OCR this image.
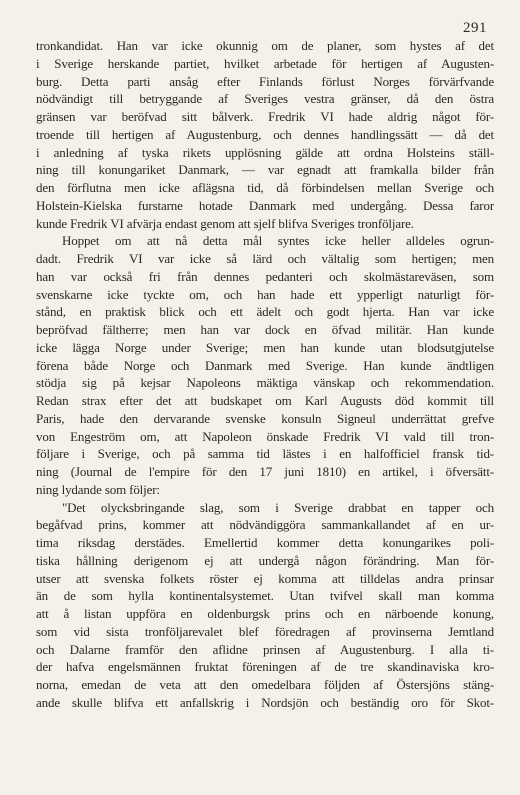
291
tronkandidat. Han var icke okunnig om de planer, som hystes af det
i Sverige herskande partiet, hvilket arbetade för hertigen af Augusten-
burg. Detta parti ansåg efter Finlands förlust Norges förvärfvande
nödvändigt till betryggande af Sveriges vestra gränser, då den östra
gränsen var beröfvad sitt bålverk. Fredrik VI hade aldrig något för-
troende till hertigen af Augustenburg, och dennes handlingssätt — då det
i anledning af tyska rikets upplösning gälde att ordna Holsteins ställ-
ning till konungariket Danmark, — var egnadt att framkalla bilder från
den förflutna men icke aflägsna tid, då förbindelsen mellan Sverige och
Holstein-Kielska furstarne hotade Danmark med undergång. Dessa faror
kunde Fredrik VI afvärja endast genom att sjelf blifva Sveriges tronföljare.
Hoppet om att nå detta mål syntes icke heller alldeles ogrun-
dadt. Fredrik VI var icke så lärd och vältalig som hertigen; men
han var också fri från dennes pedanteri och skolmästareväsen, som
svenskarne icke tyckte om, och han hade ett ypperligt naturligt för-
stånd, en praktisk blick och ett ädelt och godt hjerta. Han var icke
bepröfvad fältherre; men han var dock en öfvad militär. Han kunde
icke lägga Norge under Sverige; men han kunde utan blodsutgjutelse
förena både Norge och Danmark med Sverige. Han kunde ändtligen
stödja sig på kejsar Napoleons mäktiga vänskap och rekommendation.
Redan strax efter det att budskapet om Karl Augusts död kommit till
Paris, hade den dervarande svenske konsuln Signeul underrättat grefve
von Engeström om, att Napoleon önskade Fredrik VI vald till tron-
följare i Sverige, och på samma tid lästes i en halfofficiel fransk tid-
ning (Journal de l'empire för den 17 juni 1810) en artikel, i öfversätt-
ning lydande som följer:
"Det olycksbringande slag, som i Sverige drabbat en tapper och
begåfvad prins, kommer att nödvändiggöra sammankallandet af en ur-
tima riksdag derstädes. Emellertid kommer detta konungarikes poli-
tiska hållning derigenom ej att undergå någon förändring. Man för-
utser att svenska folkets röster ej komma att tilldelas andra prinsar
än de som hylla kontinentalsystemet. Utan tvifvel skall man komma
att å listan uppföra en oldenburgsk prins och en närboende konung,
som vid sista tronföljarevalet blef föredragen af provinserna Jemtland
och Dalarne framför den aflidne prinsen af Augustenburg. I alla ti-
der hafva engelsmännen fruktat föreningen af de tre skandinaviska kro-
norna, emedan de veta att den omedelbara följden af Östersjöns stäng-
ande skulle blifva ett anfallskrig i Nordsjön och beständig oro för Skot-
